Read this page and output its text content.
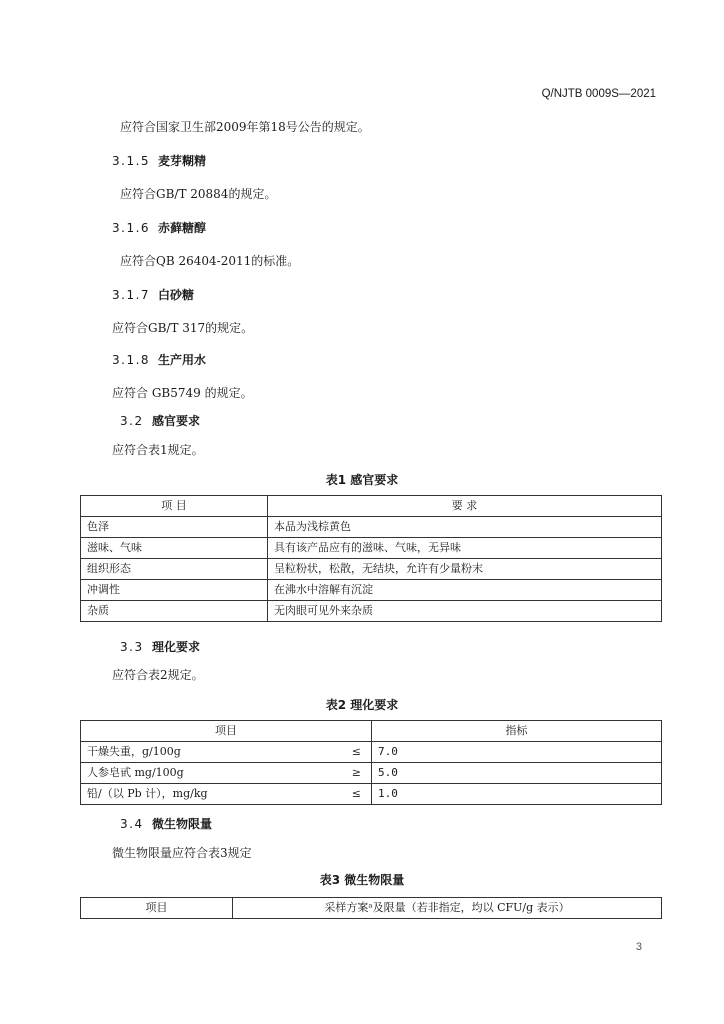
Q/NJTB 0009S—2021
应符合国家卫生部2009年第18号公告的规定。
3.1.5 麦芽糊精
应符合GB/T 20884的规定。
3.1.6 赤藓糖醇
应符合QB 26404-2011的标准。
3.1.7 白砂糖
应符合GB/T 317的规定。
3.1.8 生产用水
应符合 GB5749 的规定。
3.2 感官要求
应符合表1规定。
表1 感官要求
项 目	要 求
色泽	本品为浅棕黄色
滋味、气味	具有该产品应有的滋味、气味，无异味
组织形态	呈粒粉状，松散，无结块，允许有少量粉末
冲调性	在沸水中溶解有沉淀
杂质	无肉眼可见外来杂质
3.3 理化要求
应符合表2规定。
表2 理化要求
项目		指标
干燥失重，g/100g	≤	7.0
人参皂甙 mg/100g	≥	5.0
铅/（以 Pb 计），mg/kg	≤	1.0
3.4 微生物限量
微生物限量应符合表3规定
表3 微生物限量
项目	采样方案ᵃ及限量（若非指定，均以 CFU/g 表示）
3
